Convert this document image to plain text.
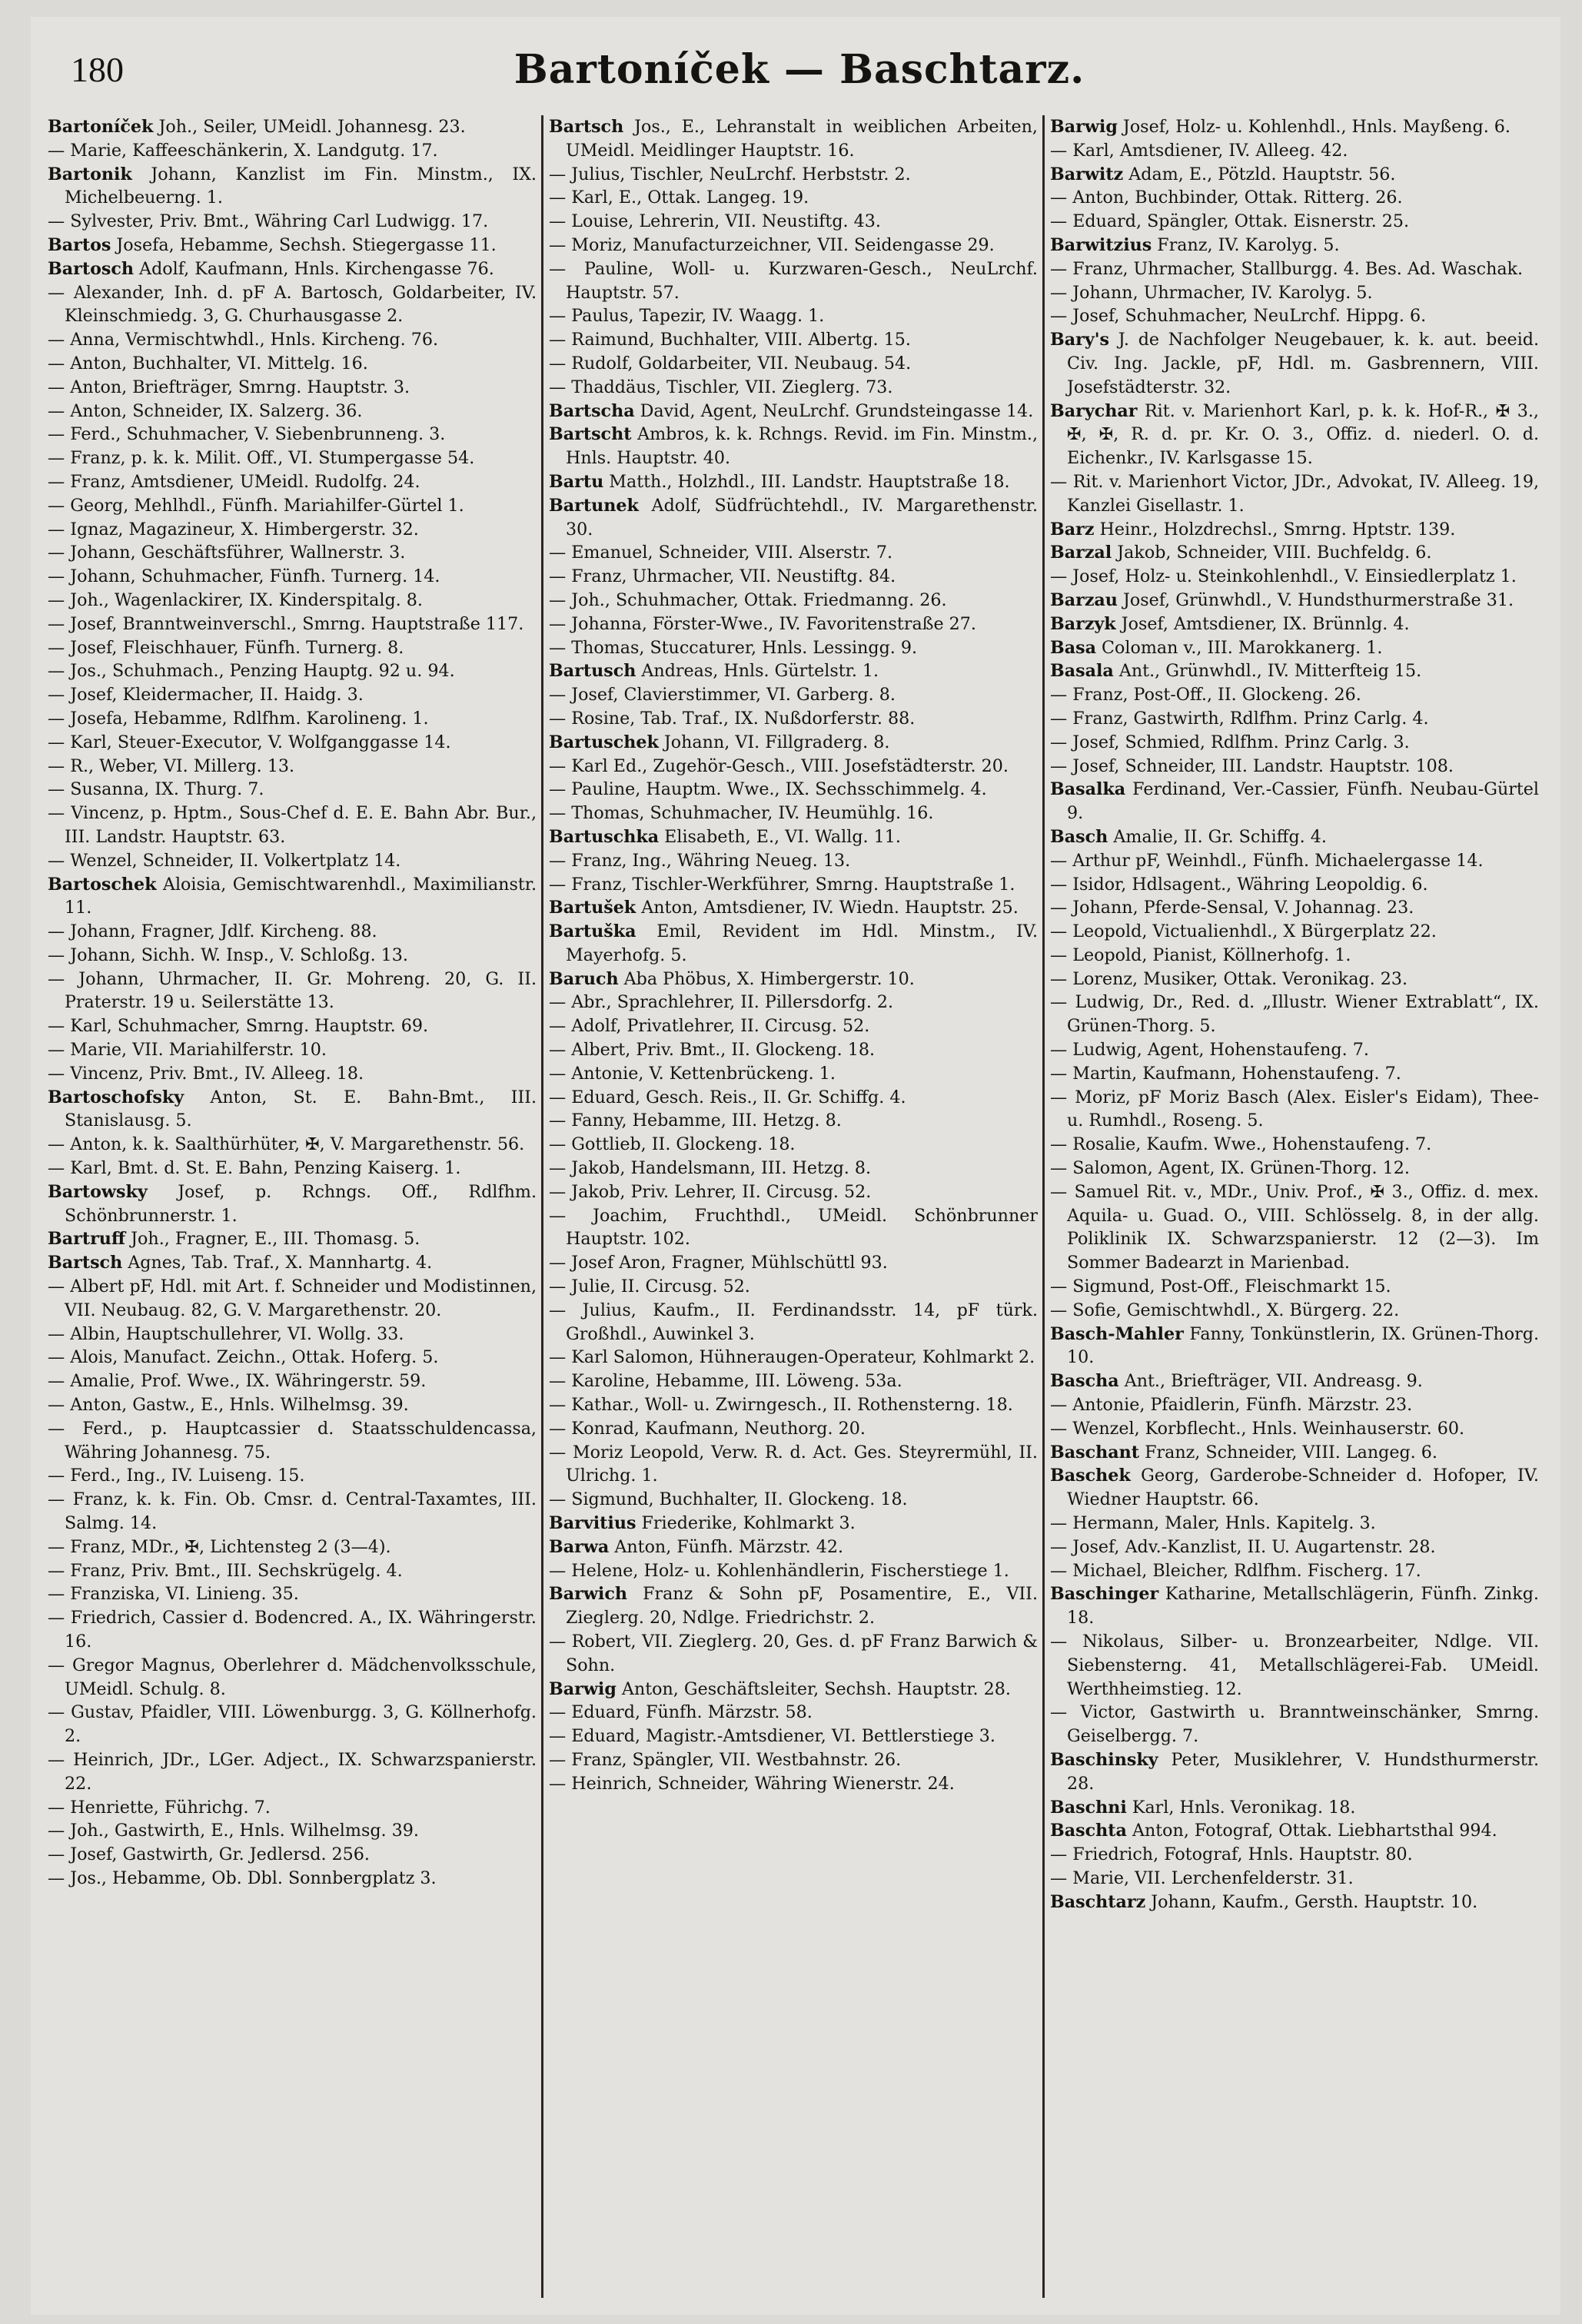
180	Bartoníček — Baschtarz.

Bartoníček Joh., Seiler, UMeidl. Johannesg. 23.

— Marie, Kaffeeschänkerin, X. Landgutg. 17.

Bartonik Johann, Kanzlist im Fin. Minstm., IX. Michelbeuerng. 1.

— Sylvester, Priv. Bmt., Währing Carl Ludwigg. 17.

Bartos Josefa, Hebamme, Sechsh. Stiegergasse 11.

Bartosch Adolf, Kaufmann, Hnls. Kirchengasse 76.

— Alexander, Inh. d. pF A. Bartosch, Goldarbeiter, IV. Kleinschmiedg. 3, G. Churhausgasse 2.

— Anna, Vermischtwhdl., Hnls. Kircheng. 76.

— Anton, Buchhalter, VI. Mittelg. 16.

— Anton, Briefträger, Smrng. Hauptstr. 3.

— Anton, Schneider, IX. Salzerg. 36.

— Ferd., Schuhmacher, V. Siebenbrunneng. 3.

— Franz, p. k. k. Milit. Off., VI. Stumpergasse 54.

— Franz, Amtsdiener, UMeidl. Rudolfg. 24.

— Georg, Mehlhdl., Fünfh. Mariahilfer-Gürtel 1.

— Ignaz, Magazineur, X. Himbergerstr. 32.

— Johann, Geschäftsführer, Wallnerstr. 3.

— Johann, Schuhmacher, Fünfh. Turnerg. 14.

— Joh., Wagenlackirer, IX. Kinderspitalg. 8.

— Josef, Branntweinverschl., Smrng. Hauptstraße 117.

— Josef, Fleischhauer, Fünfh. Turnerg. 8.

— Jos., Schuhmach., Penzing Hauptg. 92 u. 94.

— Josef, Kleidermacher, II. Haidg. 3.

— Josefa, Hebamme, Rdlfhm. Karolineng. 1.

— Karl, Steuer-Executor, V. Wolfganggasse 14.

— R., Weber, VI. Millerg. 13.

— Susanna, IX. Thurg. 7.

— Vincenz, p. Hptm., Sous-Chef d. E. E. Bahn Abr. Bur., III. Landstr. Hauptstr. 63.

— Wenzel, Schneider, II. Volkertplatz 14.

Bartoschek Aloisia, Gemischtwarenhdl., Maximilianstr. 11.

— Johann, Fragner, Jdlf. Kircheng. 88.

— Johann, Sichh. W. Insp., V. Schloßg. 13.

— Johann, Uhrmacher, II. Gr. Mohreng. 20, G. II. Praterstr. 19 u. Seilerstätte 13.

— Karl, Schuhmacher, Smrng. Hauptstr. 69.

— Marie, VII. Mariahilferstr. 10.

— Vincenz, Priv. Bmt., IV. Alleeg. 18.

Bartoschofsky Anton, St. E. Bahn-Bmt., III. Stanislausg. 5.

— Anton, k. k. Saalthürhüter, ✠, V. Margarethenstr. 56.

— Karl, Bmt. d. St. E. Bahn, Penzing Kaiserg. 1.

Bartowsky Josef, p. Rchngs. Off., Rdlfhm. Schönbrunnerstr. 1.

Bartruff Joh., Fragner, E., III. Thomasg. 5.

Bartsch Agnes, Tab. Traf., X. Mannhartg. 4.

— Albert pF, Hdl. mit Art. f. Schneider und Modistinnen, VII. Neubaug. 82, G. V. Margarethenstr. 20.

— Albin, Hauptschullehrer, VI. Wollg. 33.

— Alois, Manufact. Zeichn., Ottak. Hoferg. 5.

— Amalie, Prof. Wwe., IX. Währingerstr. 59.

— Anton, Gastw., E., Hnls. Wilhelmsg. 39.

— Ferd., p. Hauptcassier d. Staatsschuldencassa, Währing Johannesg. 75.

— Ferd., Ing., IV. Luiseng. 15.

— Franz, k. k. Fin. Ob. Cmsr. d. Central-Taxamtes, III. Salmg. 14.

— Franz, MDr., ✠, Lichtensteg 2 (3—4).

— Franz, Priv. Bmt., III. Sechskrügelg. 4.

— Franziska, VI. Linieng. 35.

— Friedrich, Cassier d. Bodencred. A., IX. Währingerstr. 16.

— Gregor Magnus, Oberlehrer d. Mädchenvolksschule, UMeidl. Schulg. 8.

— Gustav, Pfaidler, VIII. Löwenburgg. 3, G. Köllnerhofg. 2.

— Heinrich, JDr., LGer. Adject., IX. Schwarzspanierstr. 22.

— Henriette, Führichg. 7.

— Joh., Gastwirth, E., Hnls. Wilhelmsg. 39.

— Josef, Gastwirth, Gr. Jedlersd. 256.

— Jos., Hebamme, Ob. Dbl. Sonnbergplatz 3.

Bartsch Jos., E., Lehranstalt in weiblichen Arbeiten, UMeidl. Meidlinger Hauptstr. 16.

— Julius, Tischler, NeuLrchf. Herbststr. 2.

— Karl, E., Ottak. Langeg. 19.

— Louise, Lehrerin, VII. Neustiftg. 43.

— Moriz, Manufacturzeichner, VII. Seidengasse 29.

— Pauline, Woll- u. Kurzwaren-Gesch., NeuLrchf. Hauptstr. 57.

— Paulus, Tapezir, IV. Waagg. 1.

— Raimund, Buchhalter, VIII. Albertg. 15.

— Rudolf, Goldarbeiter, VII. Neubaug. 54.

— Thaddäus, Tischler, VII. Zieglerg. 73.

Bartscha David, Agent, NeuLrchf. Grundsteingasse 14.

Bartscht Ambros, k. k. Rchngs. Revid. im Fin. Minstm., Hnls. Hauptstr. 40.

Bartu Matth., Holzhdl., III. Landstr. Hauptstraße 18.

Bartunek Adolf, Südfrüchtehdl., IV. Margarethenstr. 30.

— Emanuel, Schneider, VIII. Alserstr. 7.

— Franz, Uhrmacher, VII. Neustiftg. 84.

— Joh., Schuhmacher, Ottak. Friedmanng. 26.

— Johanna, Förster-Wwe., IV. Favoritenstraße 27.

— Thomas, Stuccaturer, Hnls. Lessingg. 9.

Bartusch Andreas, Hnls. Gürtelstr. 1.

— Josef, Clavierstimmer, VI. Garberg. 8.

— Rosine, Tab. Traf., IX. Nußdorferstr. 88.

Bartuschek Johann, VI. Fillgraderg. 8.

— Karl Ed., Zugehör-Gesch., VIII. Josefstädterstr. 20.

— Pauline, Hauptm. Wwe., IX. Sechsschimmelg. 4.

— Thomas, Schuhmacher, IV. Heumühlg. 16.

Bartuschka Elisabeth, E., VI. Wallg. 11.

— Franz, Ing., Währing Neueg. 13.

— Franz, Tischler-Werkführer, Smrng. Hauptstraße 1.

Bartušek Anton, Amtsdiener, IV. Wiedn. Hauptstr. 25.

Bartuška Emil, Revident im Hdl. Minstm., IV. Mayerhofg. 5.

Baruch Aba Phöbus, X. Himbergerstr. 10.

— Abr., Sprachlehrer, II. Pillersdorfg. 2.

— Adolf, Privatlehrer, II. Circusg. 52.

— Albert, Priv. Bmt., II. Glockeng. 18.

— Antonie, V. Kettenbrückeng. 1.

— Eduard, Gesch. Reis., II. Gr. Schiffg. 4.

— Fanny, Hebamme, III. Hetzg. 8.

— Gottlieb, II. Glockeng. 18.

— Jakob, Handelsmann, III. Hetzg. 8.

— Jakob, Priv. Lehrer, II. Circusg. 52.

— Joachim, Fruchthdl., UMeidl. Schönbrunner Hauptstr. 102.

— Josef Aron, Fragner, Mühlschüttl 93.

— Julie, II. Circusg. 52.

— Julius, Kaufm., II. Ferdinandsstr. 14, pF türk. Großhdl., Auwinkel 3.

— Karl Salomon, Hühneraugen-Operateur, Kohlmarkt 2.

— Karoline, Hebamme, III. Löweng. 53a.

— Kathar., Woll- u. Zwirngesch., II. Rothensterng. 18.

— Konrad, Kaufmann, Neuthorg. 20.

— Moriz Leopold, Verw. R. d. Act. Ges. Steyrermühl, II. Ulrichg. 1.

— Sigmund, Buchhalter, II. Glockeng. 18.

Barvitius Friederike, Kohlmarkt 3.

Barwa Anton, Fünfh. Märzstr. 42.

— Helene, Holz- u. Kohlenhändlerin, Fischerstiege 1.

Barwich Franz & Sohn pF, Posamentire, E., VII. Zieglerg. 20, Ndlge. Friedrichstr. 2.

— Robert, VII. Zieglerg. 20, Ges. d. pF Franz Barwich & Sohn.

Barwig Anton, Geschäftsleiter, Sechsh. Hauptstr. 28.

— Eduard, Fünfh. Märzstr. 58.

— Eduard, Magistr.-Amtsdiener, VI. Bettlerstiege 3.

— Franz, Spängler, VII. Westbahnstr. 26.

— Heinrich, Schneider, Währing Wienerstr. 24.

Barwig Josef, Holz- u. Kohlenhdl., Hnls. Mayßeng. 6.

— Karl, Amtsdiener, IV. Alleeg. 42.

Barwitz Adam, E., Pötzld. Hauptstr. 56.

— Anton, Buchbinder, Ottak. Ritterg. 26.

— Eduard, Spängler, Ottak. Eisnerstr. 25.

Barwitzius Franz, IV. Karolyg. 5.

— Franz, Uhrmacher, Stallburgg. 4. Bes. Ad. Waschak.

— Johann, Uhrmacher, IV. Karolyg. 5.

— Josef, Schuhmacher, NeuLrchf. Hippg. 6.

Bary's J. de Nachfolger Neugebauer, k. k. aut. beeid. Civ. Ing. Jackle, pF, Hdl. m. Gasbrennern, VIII. Josefstädterstr. 32.

Barychar Rit. v. Marienhort Karl, p. k. k. Hof-R., ✠ 3., ✠, ✠, R. d. pr. Kr. O. 3., Offiz. d. niederl. O. d. Eichenkr., IV. Karlsgasse 15.

— Rit. v. Marienhort Victor, JDr., Advokat, IV. Alleeg. 19, Kanzlei Gisellastr. 1.

Barz Heinr., Holzdrechsl., Smrng. Hptstr. 139.

Barzal Jakob, Schneider, VIII. Buchfeldg. 6.

— Josef, Holz- u. Steinkohlenhdl., V. Einsiedlerplatz 1.

Barzau Josef, Grünwhdl., V. Hundsthurmerstraße 31.

Barzyk Josef, Amtsdiener, IX. Brünnlg. 4.

Basa Coloman v., III. Marokkanerg. 1.

Basala Ant., Grünwhdl., IV. Mitterfteig 15.

— Franz, Post-Off., II. Glockeng. 26.

— Franz, Gastwirth, Rdlfhm. Prinz Carlg. 4.

— Josef, Schmied, Rdlfhm. Prinz Carlg. 3.

— Josef, Schneider, III. Landstr. Hauptstr. 108.

Basalka Ferdinand, Ver.-Cassier, Fünfh. Neubau-Gürtel 9.

Basch Amalie, II. Gr. Schiffg. 4.

— Arthur pF, Weinhdl., Fünfh. Michaelergasse 14.

— Isidor, Hdlsagent., Währing Leopoldig. 6.

— Johann, Pferde-Sensal, V. Johannag. 23.

— Leopold, Victualienhdl., X Bürgerplatz 22.

— Leopold, Pianist, Köllnerhofg. 1.

— Lorenz, Musiker, Ottak. Veronikag. 23.

— Ludwig, Dr., Red. d. „Illustr. Wiener Extrablatt“, IX. Grünen-Thorg. 5.

— Ludwig, Agent, Hohenstaufeng. 7.

— Martin, Kaufmann, Hohenstaufeng. 7.

— Moriz, pF Moriz Basch (Alex. Eisler's Eidam), Thee- u. Rumhdl., Roseng. 5.

— Rosalie, Kaufm. Wwe., Hohenstaufeng. 7.

— Salomon, Agent, IX. Grünen-Thorg. 12.

— Samuel Rit. v., MDr., Univ. Prof., ✠ 3., Offiz. d. mex. Aquila- u. Guad. O., VIII. Schlösselg. 8, in der allg. Poliklinik IX. Schwarzspanierstr. 12 (2—3). Im Sommer Badearzt in Marienbad.

— Sigmund, Post-Off., Fleischmarkt 15.

— Sofie, Gemischtwhdl., X. Bürgerg. 22.

Basch-Mahler Fanny, Tonkünstlerin, IX. Grünen-Thorg. 10.

Bascha Ant., Briefträger, VII. Andreasg. 9.

— Antonie, Pfaidlerin, Fünfh. Märzstr. 23.

— Wenzel, Korbflecht., Hnls. Weinhauserstr. 60.

Baschant Franz, Schneider, VIII. Langeg. 6.

Baschek Georg, Garderobe-Schneider d. Hofoper, IV. Wiedner Hauptstr. 66.

— Hermann, Maler, Hnls. Kapitelg. 3.

— Josef, Adv.-Kanzlist, II. U. Augartenstr. 28.

— Michael, Bleicher, Rdlfhm. Fischerg. 17.

Baschinger Katharine, Metallschlägerin, Fünfh. Zinkg. 18.

— Nikolaus, Silber- u. Bronzearbeiter, Ndlge. VII. Siebensterng. 41, Metallschlägerei-Fab. UMeidl. Werthheimstieg. 12.

— Victor, Gastwirth u. Branntweinschänker, Smrng. Geiselbergg. 7.

Baschinsky Peter, Musiklehrer, V. Hundsthurmerstr. 28.

Baschni Karl, Hnls. Veronikag. 18.

Baschta Anton, Fotograf, Ottak. Liebhartsthal 994.

— Friedrich, Fotograf, Hnls. Hauptstr. 80.

— Marie, VII. Lerchenfelderstr. 31.

Baschtarz Johann, Kaufm., Gersth. Hauptstr. 10.
